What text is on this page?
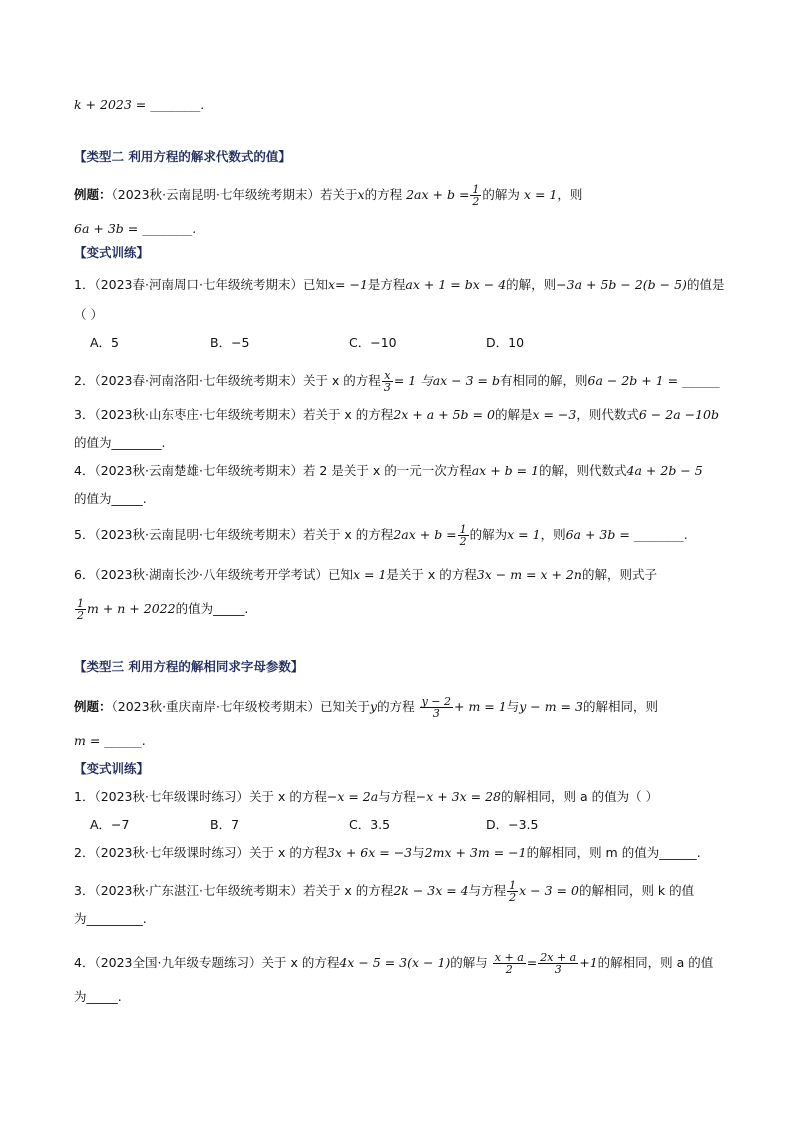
k + 2023 = ________.
【类型二 利用方程的解求代数式的值】
例题：（2023秋·云南昆明·七年级统考期末）若关于x的方程 $2ax + b = \frac{1}{2}$ 的解为 x = 1，则
6a + 3b = ________.
【变式训练】
1．（2023春·河南周口·七年级统考期末）已知x= −1是方程ax + 1 = bx − 4的解，则−3a + 5b − 2(b − 5)的值是
（ ）
A．5	B．−5	C．−10	D．10
2．（2023春·河南洛阳·七年级统考期末）关于 x 的方程 $\frac{x}{3} = 1$ 与ax − 3 = b有相同的解，则6a − 2b + 1 = ______
3．（2023秋·山东枣庄·七年级统考期末）若关于 x 的方程2x + a + 5b = 0的解是x = −3，则代数式6 − 2a −10b
的值为________.
4．（2023秋·云南楚雄·七年级统考期末）若 2 是关于 x 的一元一次方程ax + b = 1的解，则代数式4a + 2b − 5
的值为_____.
5．（2023秋·云南昆明·七年级统考期末）若关于 x 的方程$2ax + b = \frac{1}{2}$ 的解为x = 1，则6a + 3b = ________.
6．（2023秋·湖南长沙·八年级统考开学考试）已知x = 1是关于 x 的方程3x − m = x + 2n的解，则式子
$\frac{1}{2}$ m + n + 2022的值为_____.
【类型三 利用方程的解相同求字母参数】
例题：（2023秋·重庆南岸·七年级校考期末）已知关于y的方程 $\frac{y - 2}{3} + m = 1$与y − m = 3的解相同，则
m = ______.
【变式训练】
1．（2023秋·七年级课时练习）关于 x 的方程−x = 2a与方程−x + 3x = 28的解相同，则 a 的值为（ ）
A．−7	B．7	C．3.5	D．−3.5
2．（2023秋·七年级课时练习）关于 x 的方程3x + 6x = −3与2mx + 3m = −1的解相同，则 m 的值为______.
3．（2023秋·广东湛江·七年级统考期末）若关于 x 的方程2k − 3x = 4与方程 $\frac{1}{2}$ x − 3 = 0的解相同，则 k 的值
为_________.
4．（2023全国·九年级专题练习）关于 x 的方程4x − 5 = 3(x − 1)的解与 $\frac{x + a}{2} = \frac{2x + a}{3} +1$的解相同，则 a 的值
为_____.
